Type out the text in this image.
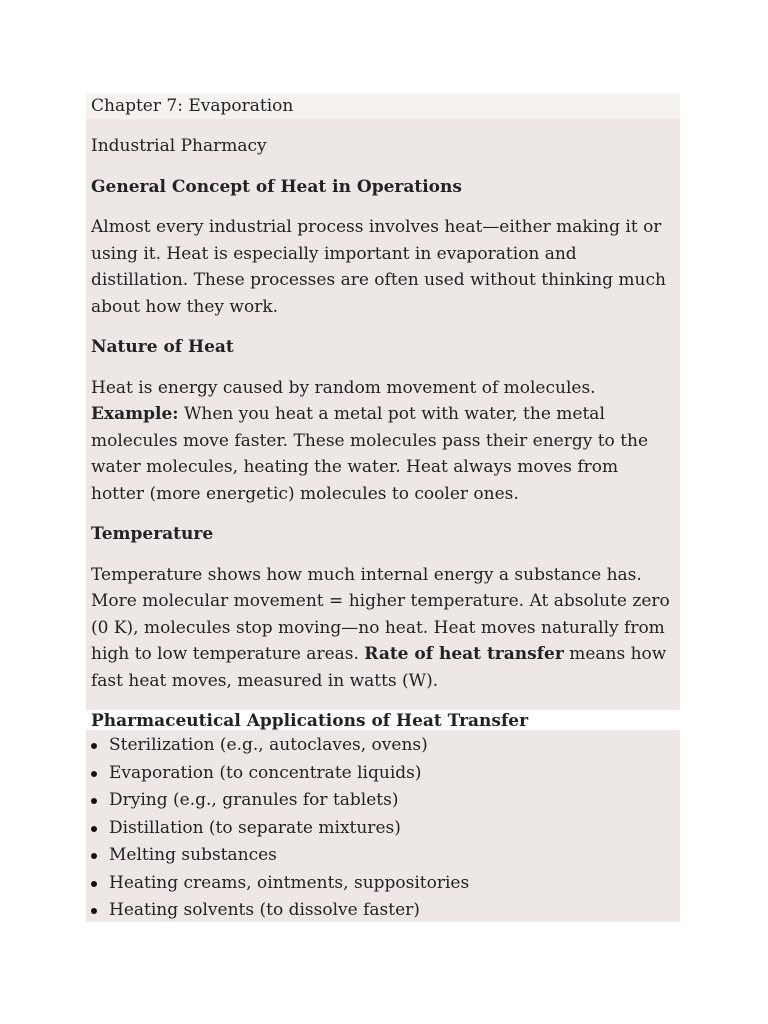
Chapter 7: Evaporation

Industrial Pharmacy

General Concept of Heat in Operations

Almost every industrial process involves heat—either making it or using it. Heat is especially important in evaporation and distillation. These processes are often used without thinking much about how they work.

Nature of Heat

Heat is energy caused by random movement of molecules. Example: When you heat a metal pot with water, the metal molecules move faster. These molecules pass their energy to the water molecules, heating the water. Heat always moves from hotter (more energetic) molecules to cooler ones.

Temperature

Temperature shows how much internal energy a substance has. More molecular movement = higher temperature. At absolute zero (0 K), molecules stop moving—no heat. Heat moves naturally from high to low temperature areas. Rate of heat transfer means how fast heat moves, measured in watts (W).

Pharmaceutical Applications of Heat Transfer

Sterilization (e.g., autoclaves, ovens)
Evaporation (to concentrate liquids)
Drying (e.g., granules for tablets)
Distillation (to separate mixtures)
Melting substances
Heating creams, ointments, suppositories
Heating solvents (to dissolve faster)
